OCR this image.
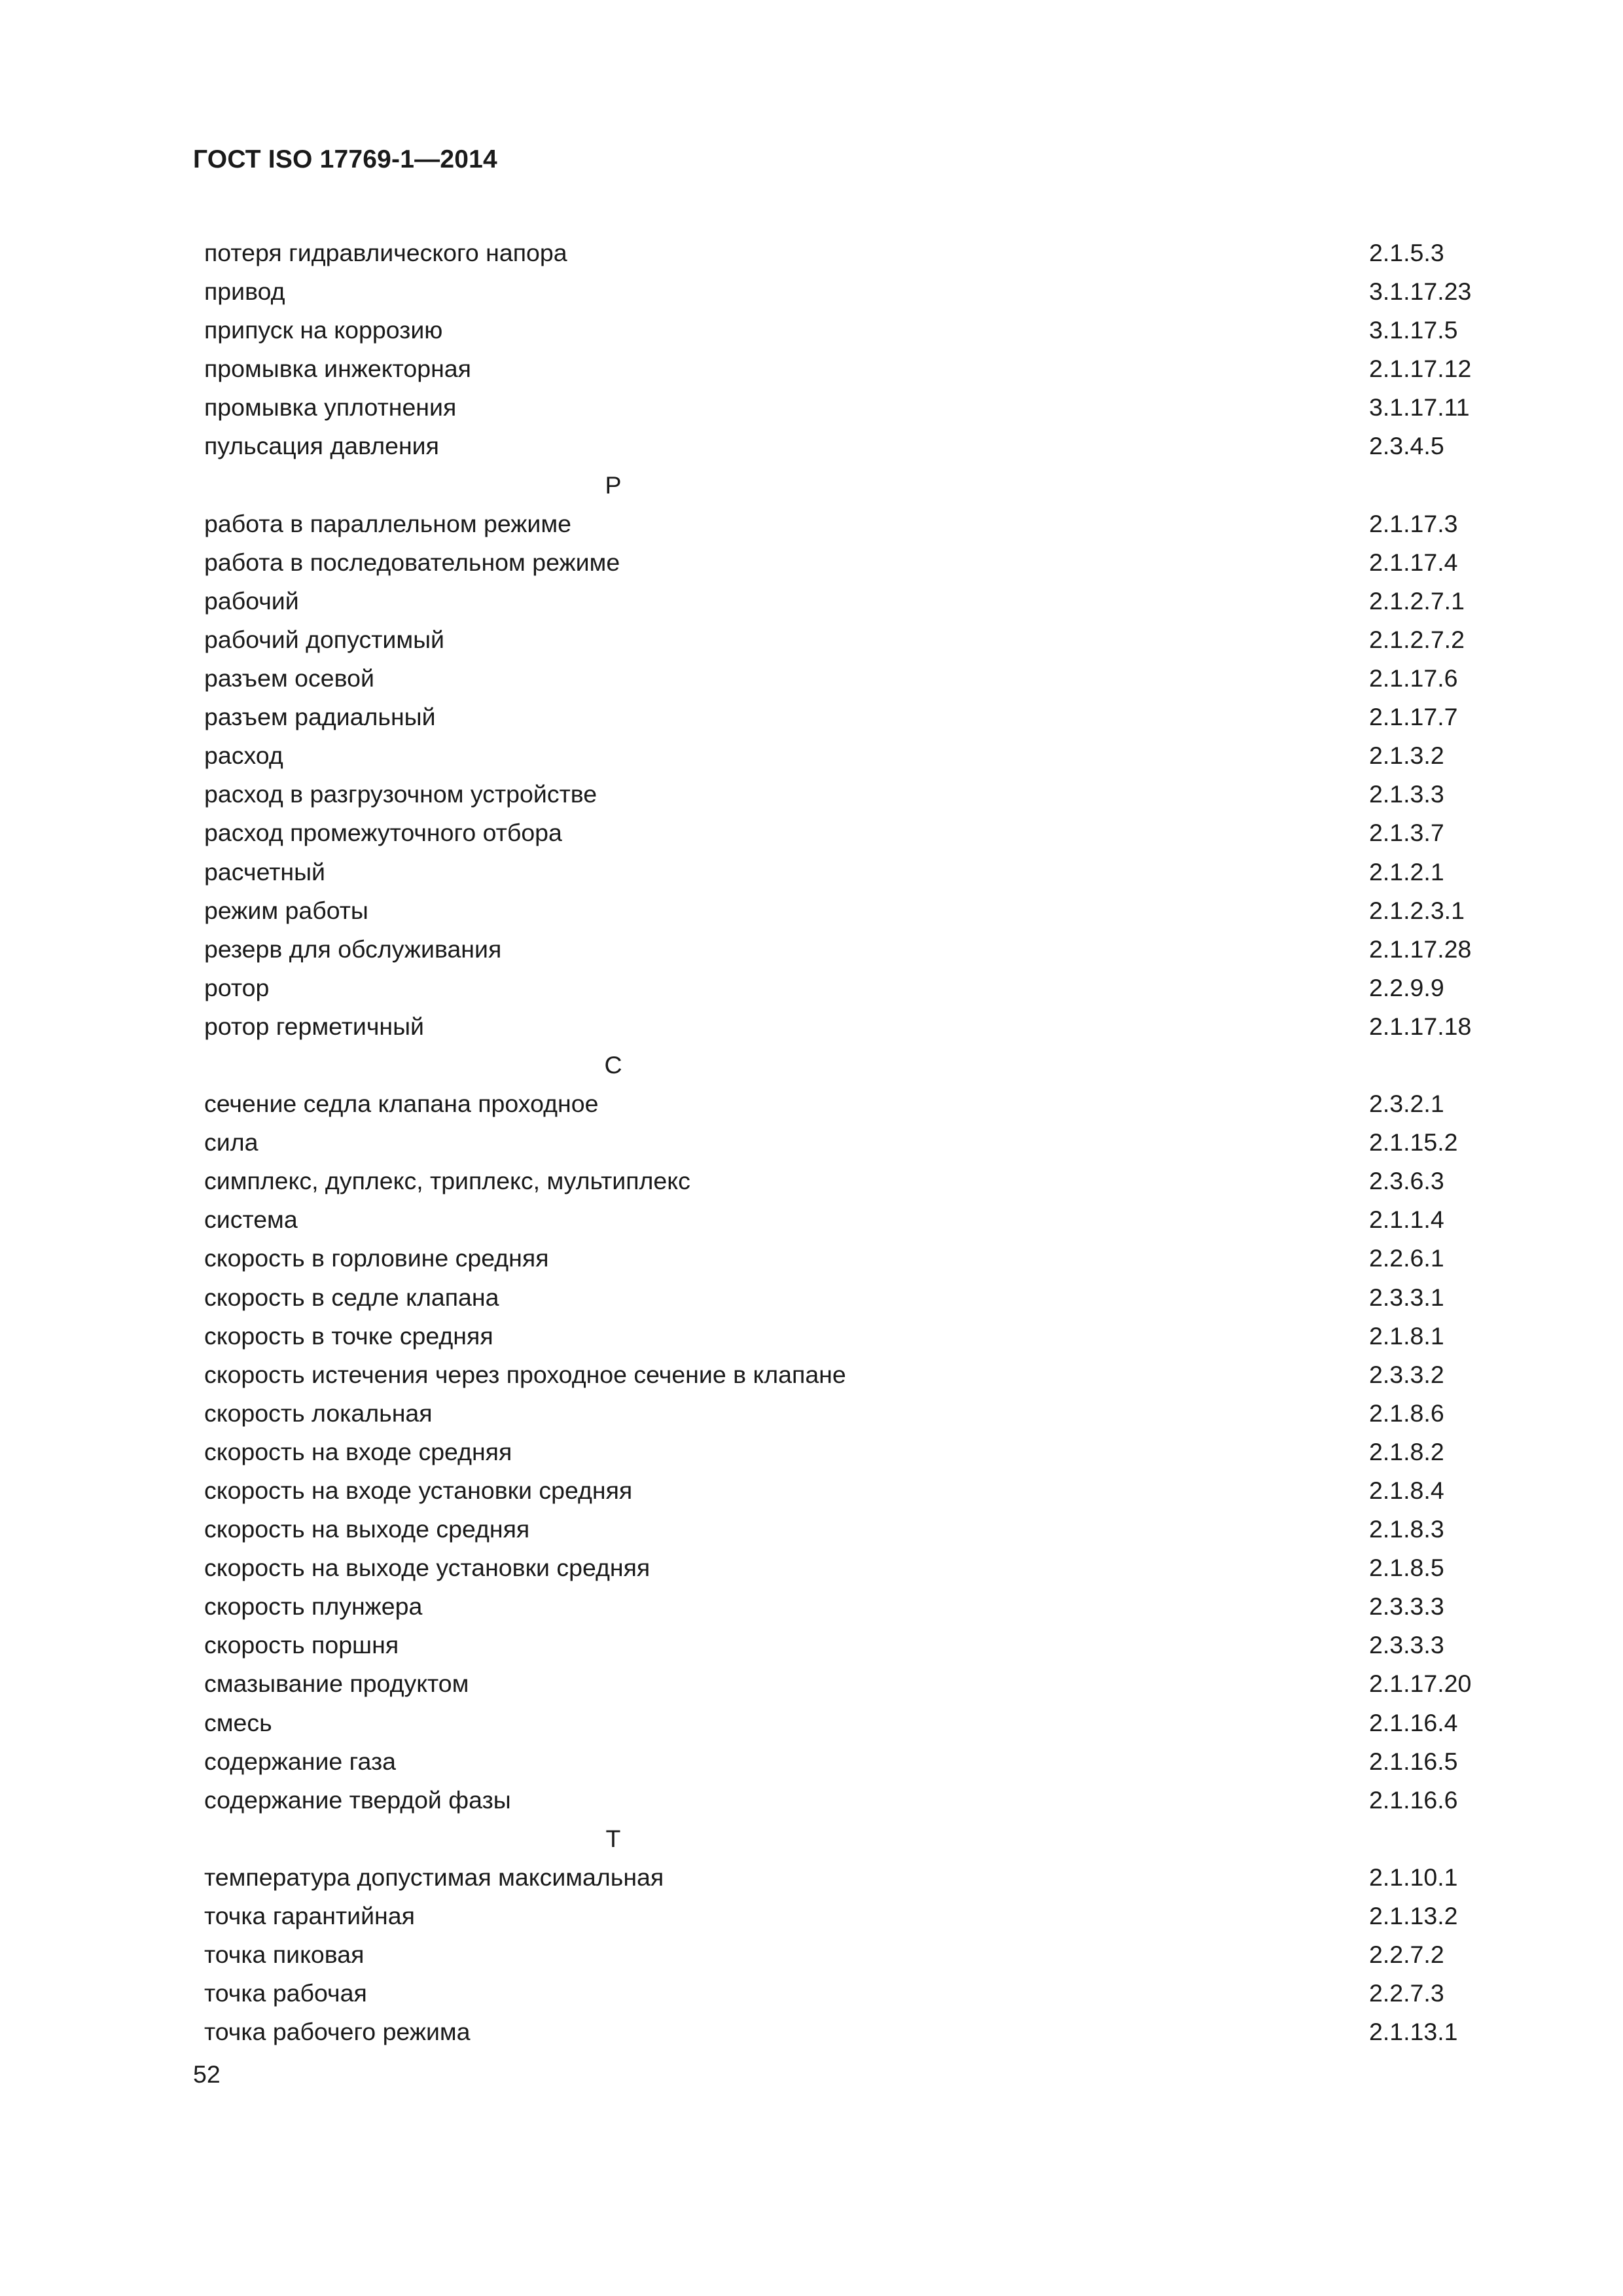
ГОСТ ISO 17769-1—2014
потеря гидравлического напора	2.1.5.3
привод	3.1.17.23
припуск на коррозию	3.1.17.5
промывка инжекторная	2.1.17.12
промывка уплотнения	3.1.17.11
пульсация давления	2.3.4.5
Р
работа в параллельном режиме	2.1.17.3
работа в последовательном режиме	2.1.17.4
рабочий	2.1.2.7.1
рабочий допустимый	2.1.2.7.2
разъем осевой	2.1.17.6
разъем радиальный	2.1.17.7
расход	2.1.3.2
расход в разгрузочном устройстве	2.1.3.3
расход промежуточного отбора	2.1.3.7
расчетный	2.1.2.1
режим работы	2.1.2.3.1
резерв для обслуживания	2.1.17.28
ротор	2.2.9.9
ротор герметичный	2.1.17.18
С
сечение седла клапана проходное	2.3.2.1
сила	2.1.15.2
симплекс, дуплекс, триплекс, мультиплекс	2.3.6.3
система	2.1.1.4
скорость в горловине средняя	2.2.6.1
скорость в седле клапана	2.3.3.1
скорость в точке средняя	2.1.8.1
скорость истечения через проходное сечение в клапане	2.3.3.2
скорость локальная	2.1.8.6
скорость на входе средняя	2.1.8.2
скорость на входе установки средняя	2.1.8.4
скорость на выходе средняя	2.1.8.3
скорость на выходе установки средняя	2.1.8.5
скорость плунжера	2.3.3.3
скорость поршня	2.3.3.3
смазывание продуктом	2.1.17.20
смесь	2.1.16.4
содержание газа	2.1.16.5
содержание твердой фазы	2.1.16.6
Т
температура допустимая максимальная	2.1.10.1
точка гарантийная	2.1.13.2
точка пиковая	2.2.7.2
точка рабочая	2.2.7.3
точка рабочего режима	2.1.13.1
52
